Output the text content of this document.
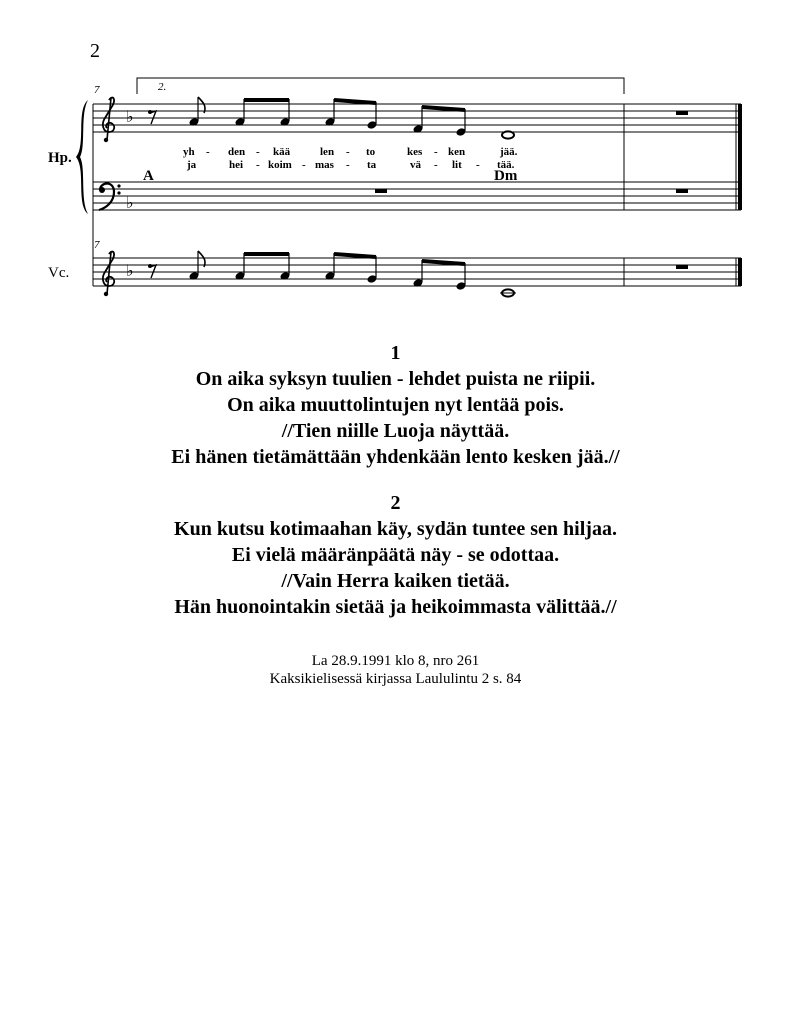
2
2.
7
7
Hp.
Vc.
♭
♭
♭
yh - den - kää	len - to	kes - ken	jää.
ja	hei - koim - mas - ta	vä - lit - tää.
A	Dm
1
On aika syksyn tuulien - lehdet puista ne riipii.
On aika muuttolintujen nyt lentää pois.
//Tien niille Luoja näyttää.
Ei hänen tietämättään yhdenkään lento kesken jää.//
2
Kun kutsu kotimaahan käy, sydän tuntee sen hiljaa.
Ei vielä määränpäätä näy - se odottaa.
//Vain Herra kaiken tietää.
Hän huonointakin sietää ja heikoimmasta välittää.//
La 28.9.1991 klo 8, nro 261
Kaksikielisessä kirjassa Laululintu 2 s. 84
